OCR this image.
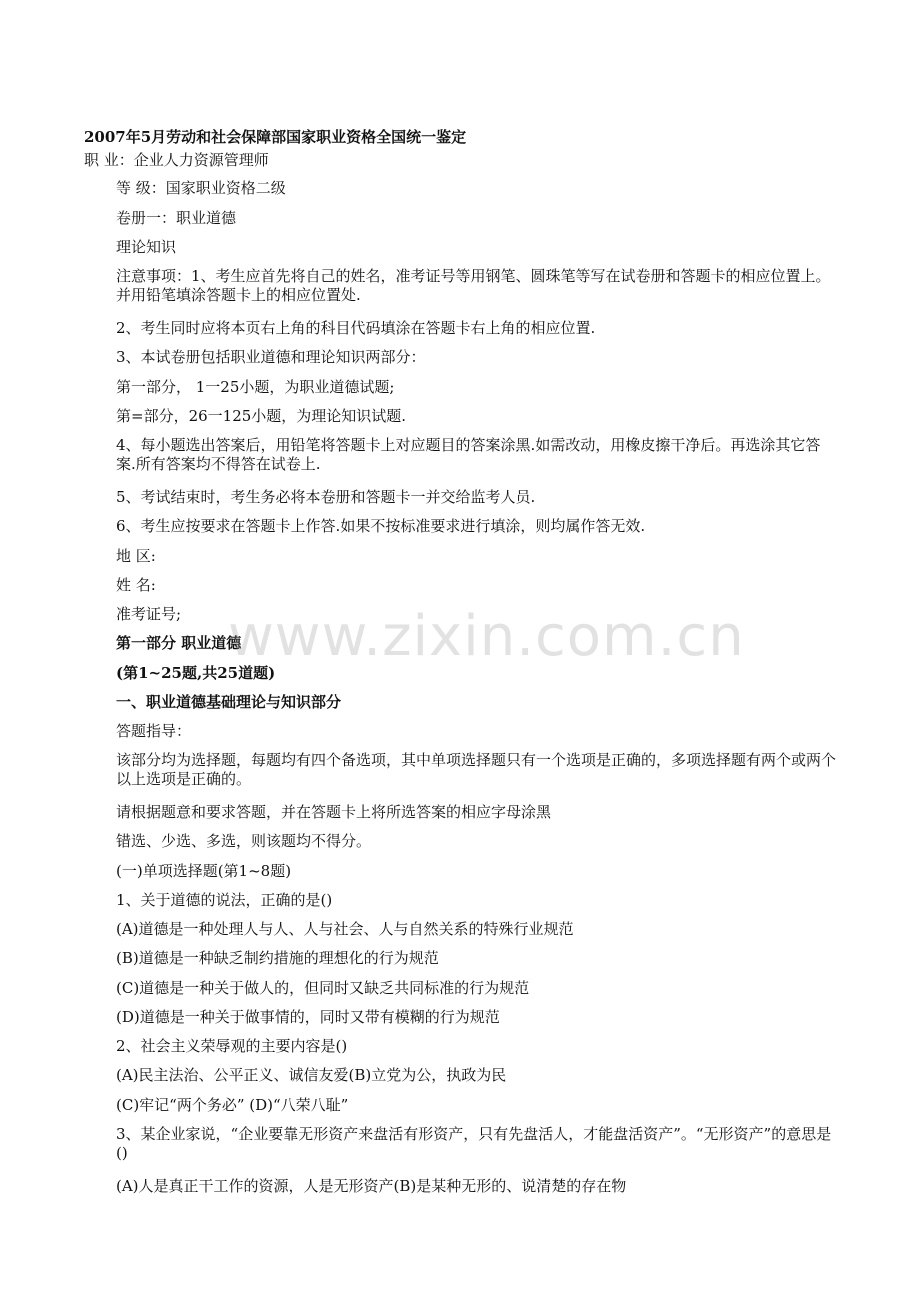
2007年5月劳动和社会保障部国家职业资格全国统一鉴定
职 业：企业人力资源管理师
等 级：国家职业资格二级
卷册一：职业道德
理论知识
注意事项：1、考生应首先将自己的姓名，准考证号等用钢笔、圆珠笔等写在试卷册和答题卡的相应位置上。并用铅笔填涂答题卡上的相应位置处.
2、考生同时应将本页右上角的科目代码填涂在答题卡右上角的相应位置.
3、本试卷册包括职业道德和理论知识两部分：
第一部分， 1一25小题，为职业道德试题;
第=部分，26一125小题，为理论知识试题.
4、每小题选出答案后，用铅笔将答题卡上对应题目的答案涂黑.如需改动，用橡皮擦干净后。再选涂其它答案.所有答案均不得答在试卷上.
5、考试结束时，考生务必将本卷册和答题卡一并交给监考人员.
6、考生应按要求在答题卡上作答.如果不按标准要求进行填涂，则均属作答无效.
地 区:
姓 名:
准考证号;
第一部分 职业道德
(第1~25题,共25道题)
一、职业道德基础理论与知识部分
答题指导：
该部分均为选择题，每题均有四个备选项，其中单项选择题只有一个选项是正确的，多项选择题有两个或两个以上选项是正确的。
请根据题意和要求答题，并在答题卡上将所选答案的相应字母涂黑
错选、少选、多选，则该题均不得分。
(一)单项选择题(第1~8题)
1、关于道德的说法，正确的是()
(A)道德是一种处理人与人、人与社会、人与自然关系的特殊行业规范
(B)道德是一种缺乏制约措施的理想化的行为规范
(C)道德是一种关于做人的，但同时又缺乏共同标准的行为规范
(D)道德是一种关于做事情的，同时又带有模糊的行为规范
2、社会主义荣辱观的主要内容是()
(A)民主法治、公平正义、诚信友爱(B)立党为公，执政为民
(C)牢记“两个务必” (D)“八荣八耻”
3、某企业家说，“企业要靠无形资产来盘活有形资产，只有先盘活人，才能盘活资产”。“无形资产”的意思是()
(A)人是真正干工作的资源，人是无形资产(B)是某种无形的、说清楚的存在物
www.zixin.com.cn
